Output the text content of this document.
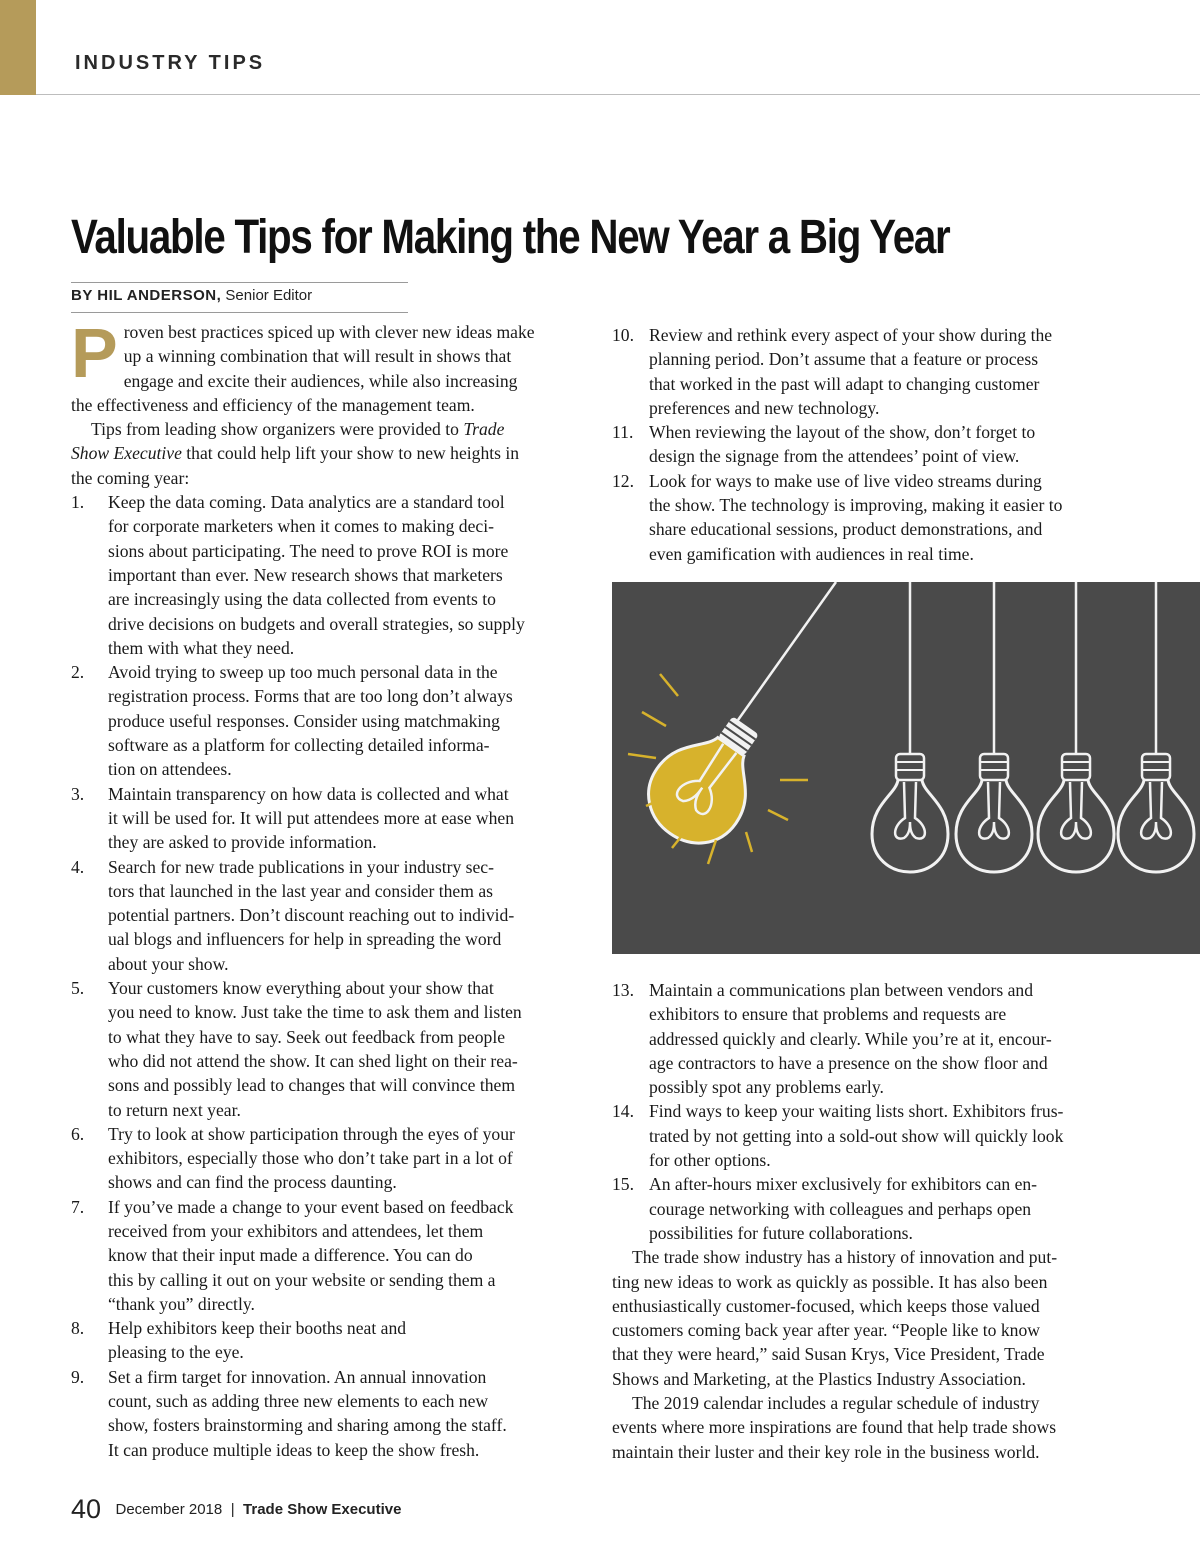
INDUSTRY TIPS
Valuable Tips for Making the New Year a Big Year
BY HIL ANDERSON, Senior Editor
P roven best practices spiced up with clever new ideas make

up a winning combination that will result in shows that

engage and excite their audiences, while also increasing

the effectiveness and efficiency of the management team.

Tips from leading show organizers were provided to Trade

Show Executive that could help lift your show to new heights in

the coming year:

1. Keep the data coming. Data analytics are a standard tool
for corporate marketers when it comes to making deci-
sions about participating. The need to prove ROI is more
important than ever. New research shows that marketers
are increasingly using the data collected from events to
drive decisions on budgets and overall strategies, so supply
them with what they need.
2. Avoid trying to sweep up too much personal data in the
registration process. Forms that are too long don’t always
produce useful responses. Consider using matchmaking
software as a platform for collecting detailed informa-
tion on attendees.
3. Maintain transparency on how data is collected and what
it will be used for. It will put attendees more at ease when
they are asked to provide information.
4. Search for new trade publications in your industry sec-
tors that launched in the last year and consider them as
potential partners. Don’t discount reaching out to individ-
ual blogs and influencers for help in spreading the word
about your show.
5. Your customers know everything about your show that
you need to know. Just take the time to ask them and listen
to what they have to say. Seek out feedback from people
who did not attend the show. It can shed light on their rea-
sons and possibly lead to changes that will convince them
to return next year.
6. Try to look at show participation through the eyes of your
exhibitors, especially those who don’t take part in a lot of
shows and can find the process daunting.
7. If you’ve made a change to your event based on feedback
received from your exhibitors and attendees, let them
know that their input made a difference. You can do
this by calling it out on your website or sending them a
“thank you” directly.
8. Help exhibitors keep their booths neat and
pleasing to the eye.
9. Set a firm target for innovation. An annual innovation
count, such as adding three new elements to each new
show, fosters brainstorming and sharing among the staff.
It can produce multiple ideas to keep the show fresh.
10. Review and rethink every aspect of your show during the
planning period. Don’t assume that a feature or process
that worked in the past will adapt to changing customer
preferences and new technology.
11. When reviewing the layout of the show, don’t forget to
design the signage from the attendees’ point of view.
12. Look for ways to make use of live video streams during
the show. The technology is improving, making it easier to
share educational sessions, product demonstrations, and
even gamification with audiences in real time.
13. Maintain a communications plan between vendors and
exhibitors to ensure that problems and requests are
addressed quickly and clearly. While you’re at it, encour-
age contractors to have a presence on the show floor and
possibly spot any problems early.
14. Find ways to keep your waiting lists short. Exhibitors frus-
trated by not getting into a sold-out show will quickly look
for other options.
15. An after-hours mixer exclusively for exhibitors can en-
courage networking with colleagues and perhaps open
possibilities for future collaborations.

The trade show industry has a history of innovation and put-

ting new ideas to work as quickly as possible. It has also been

enthusiastically customer-focused, which keeps those valued

customers coming back year after year. “People like to know

that they were heard,” said Susan Krys, Vice President, Trade

Shows and Marketing, at the Plastics Industry Association.

The 2019 calendar includes a regular schedule of industry

events where more inspirations are found that help trade shows

maintain their luster and their key role in the business world.

40 December 2018 | Trade Show Executive
